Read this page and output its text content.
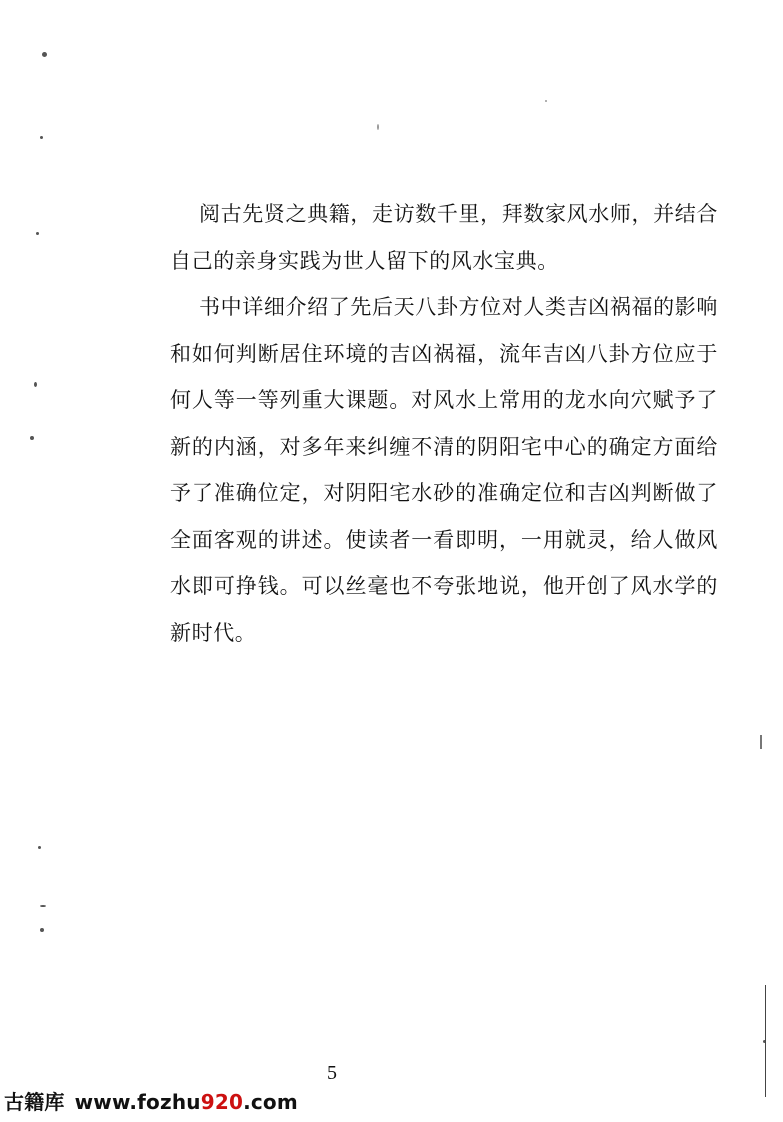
阅古先贤之典籍，走访数千里，拜数家风水师，并结合自己的亲身实践为世人留下的风水宝典。

书中详细介绍了先后天八卦方位对人类吉凶祸福的影响和如何判断居住环境的吉凶祸福，流年吉凶八卦方位应于何人等一等列重大课题。对风水上常用的龙水向穴赋予了新的内涵，对多年来纠缠不清的阴阳宅中心的确定方面给予了准确位定，对阴阳宅水砂的准确定位和吉凶判断做了全面客观的讲述。使读者一看即明，一用就灵，给人做风水即可挣钱。可以丝毫也不夸张地说，他开创了风水学的新时代。

5
古籍库 www.fozhu920.com
